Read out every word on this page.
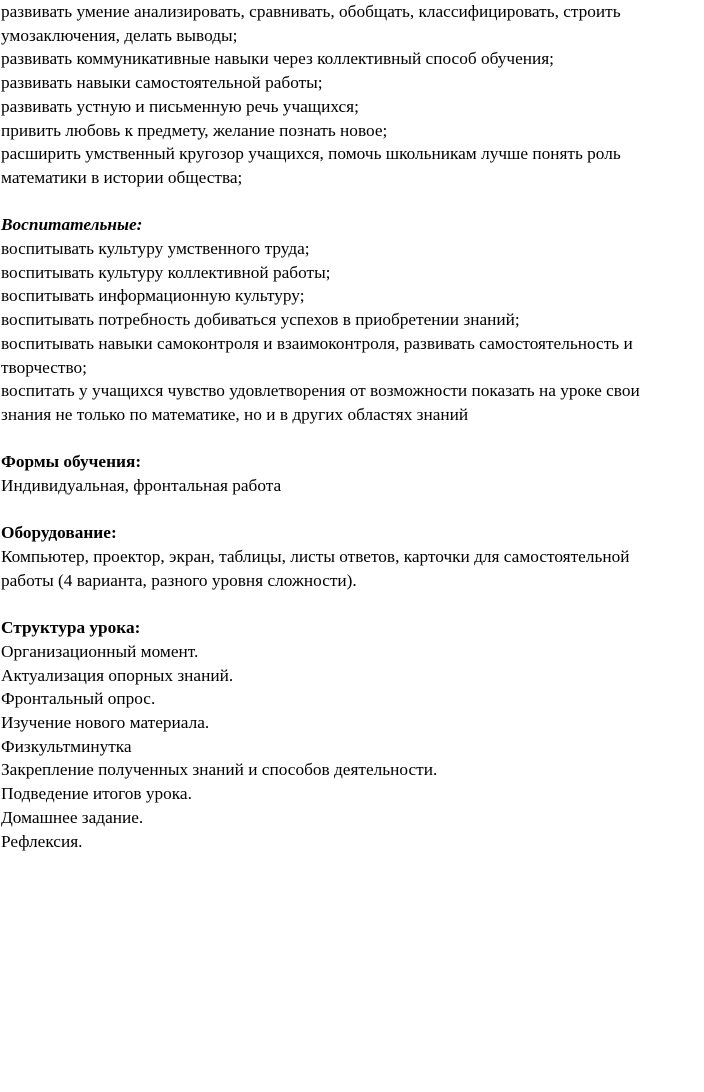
развивать умение анализировать, сравнивать, обобщать, классифицировать, строить
умозаключения, делать выводы;
развивать коммуникативные навыки через коллективный способ обучения;
развивать навыки самостоятельной работы;
развивать устную и письменную речь учащихся;
привить любовь к предмету, желание познать новое;
расширить умственный кругозор учащихся, помочь школьникам лучше понять роль
математики в истории общества;
Воспитательные:
воспитывать культуру умственного труда;
воспитывать культуру коллективной работы;
воспитывать информационную культуру;
воспитывать потребность добиваться успехов в приобретении знаний;
воспитывать навыки самоконтроля и взаимоконтроля, развивать самостоятельность и
творчество;
воспитать у учащихся чувство удовлетворения от возможности показать на уроке свои
знания не только по математике, но и в других областях знаний
Формы обучения:
Индивидуальная, фронтальная работа
Оборудование:
Компьютер, проектор, экран, таблицы, листы ответов, карточки для самостоятельной
работы (4 варианта, разного уровня сложности).
Структура урока:
Организационный момент.
Актуализация опорных знаний.
Фронтальный опрос.
Изучение нового материала.
Физкультминутка
Закрепление полученных знаний и способов деятельности.
Подведение итогов урока.
Домашнее задание.
Рефлексия.
